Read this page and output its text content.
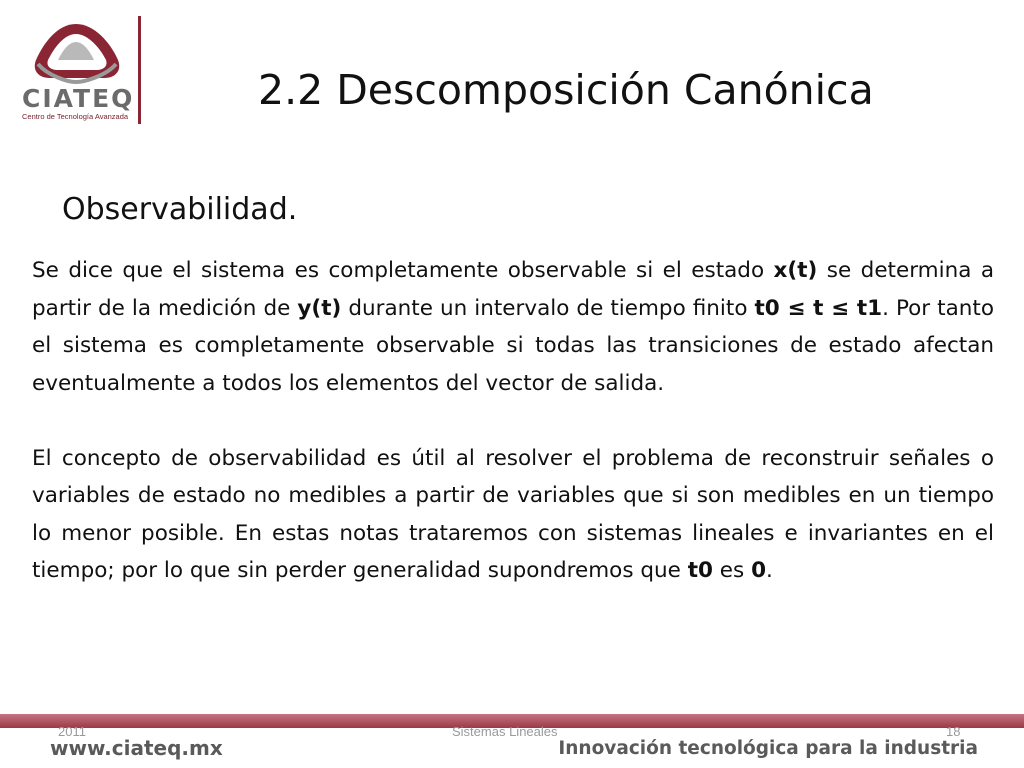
CIATEQ
Centro de Tecnología Avanzada
2.2 Descomposición Canónica
Observabilidad.

Se dice que el sistema es completamente observable si el estado x(t) se determina a partir de la medición de y(t) durante un intervalo de tiempo finito t0 ≤ t ≤ t1. Por tanto el sistema es completamente observable si todas las transiciones de estado afectan eventualmente a todos los elementos del vector de salida.

El concepto de observabilidad es útil al resolver el problema de reconstruir señales o variables de estado no medibles a partir de variables que si son medibles en un tiempo lo menor posible. En estas notas trataremos con sistemas lineales e invariantes en el tiempo; por lo que sin perder generalidad supondremos que t0 es 0.

2011	Sistemas Lineales	18
www.ciateq.mx	Innovación tecnológica para la industria
